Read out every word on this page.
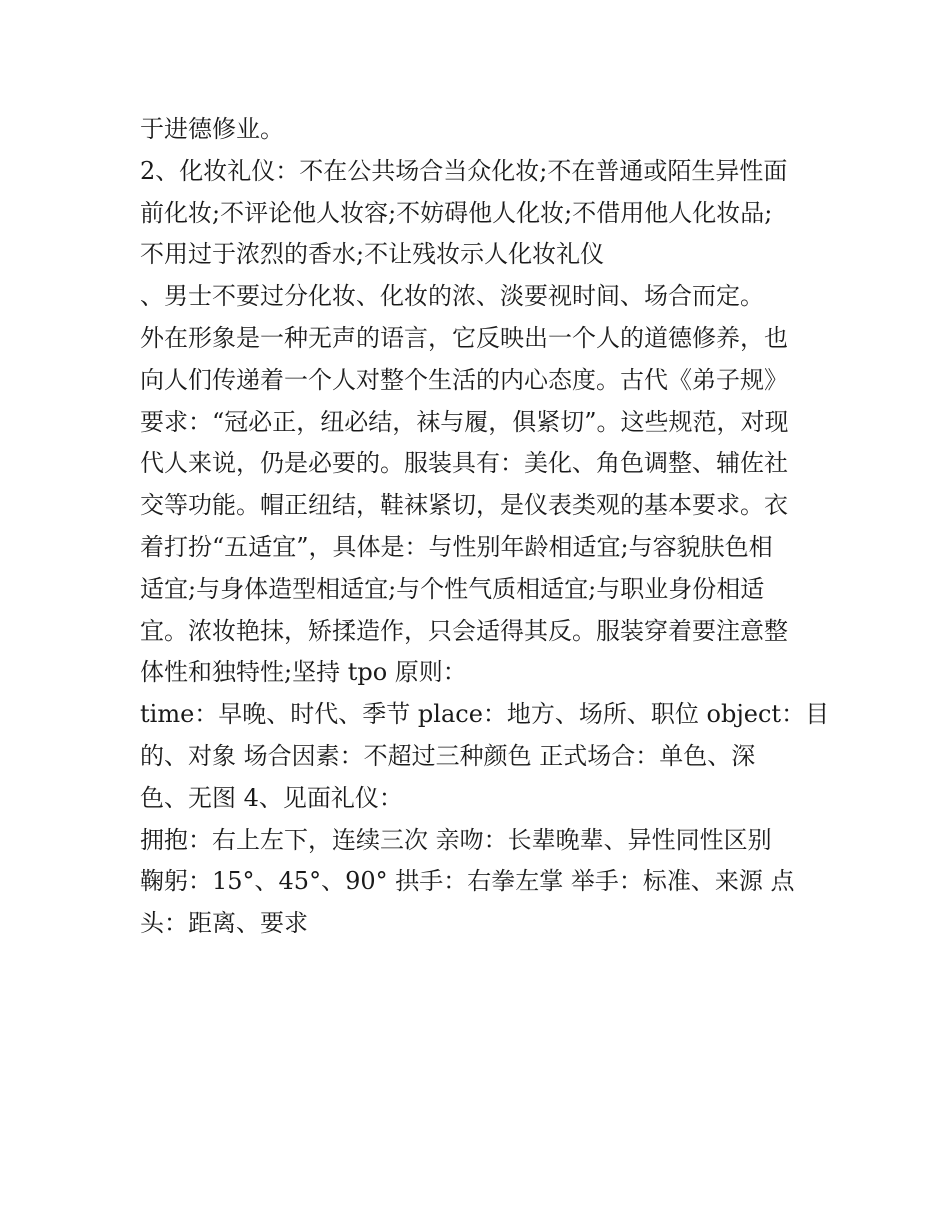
于进德修业。
2、化妆礼仪：不在公共场合当众化妆;不在普通或陌生异性面
前化妆;不评论他人妆容;不妨碍他人化妆;不借用他人化妆品;
不用过于浓烈的香水;不让残妆示人化妆礼仪
、男士不要过分化妆、化妆的浓、淡要视时间、场合而定。
外在形象是一种无声的语言，它反映出一个人的道德修养，也
向人们传递着一个人对整个生活的内心态度。古代《弟子规》
要求：“冠必正，纽必结，袜与履，俱紧切”。这些规范，对现
代人来说，仍是必要的。服装具有：美化、角色调整、辅佐社
交等功能。帽正纽结，鞋袜紧切，是仪表类观的基本要求。衣
着打扮“五适宜”，具体是：与性别年龄相适宜;与容貌肤色相
适宜;与身体造型相适宜;与个性气质相适宜;与职业身份相适
宜。浓妆艳抹，矫揉造作，只会适得其反。服装穿着要注意整
体性和独特性;坚持 tpo 原则：
time：早晚、时代、季节 place：地方、场所、职位 object：目
的、对象 场合因素：不超过三种颜色 正式场合：单色、深
色、无图 4、见面礼仪：
拥抱：右上左下，连续三次 亲吻：长辈晚辈、异性同性区别
鞠躬：15°、45°、90° 拱手：右拳左掌 举手：标准、来源 点
头：距离、要求
